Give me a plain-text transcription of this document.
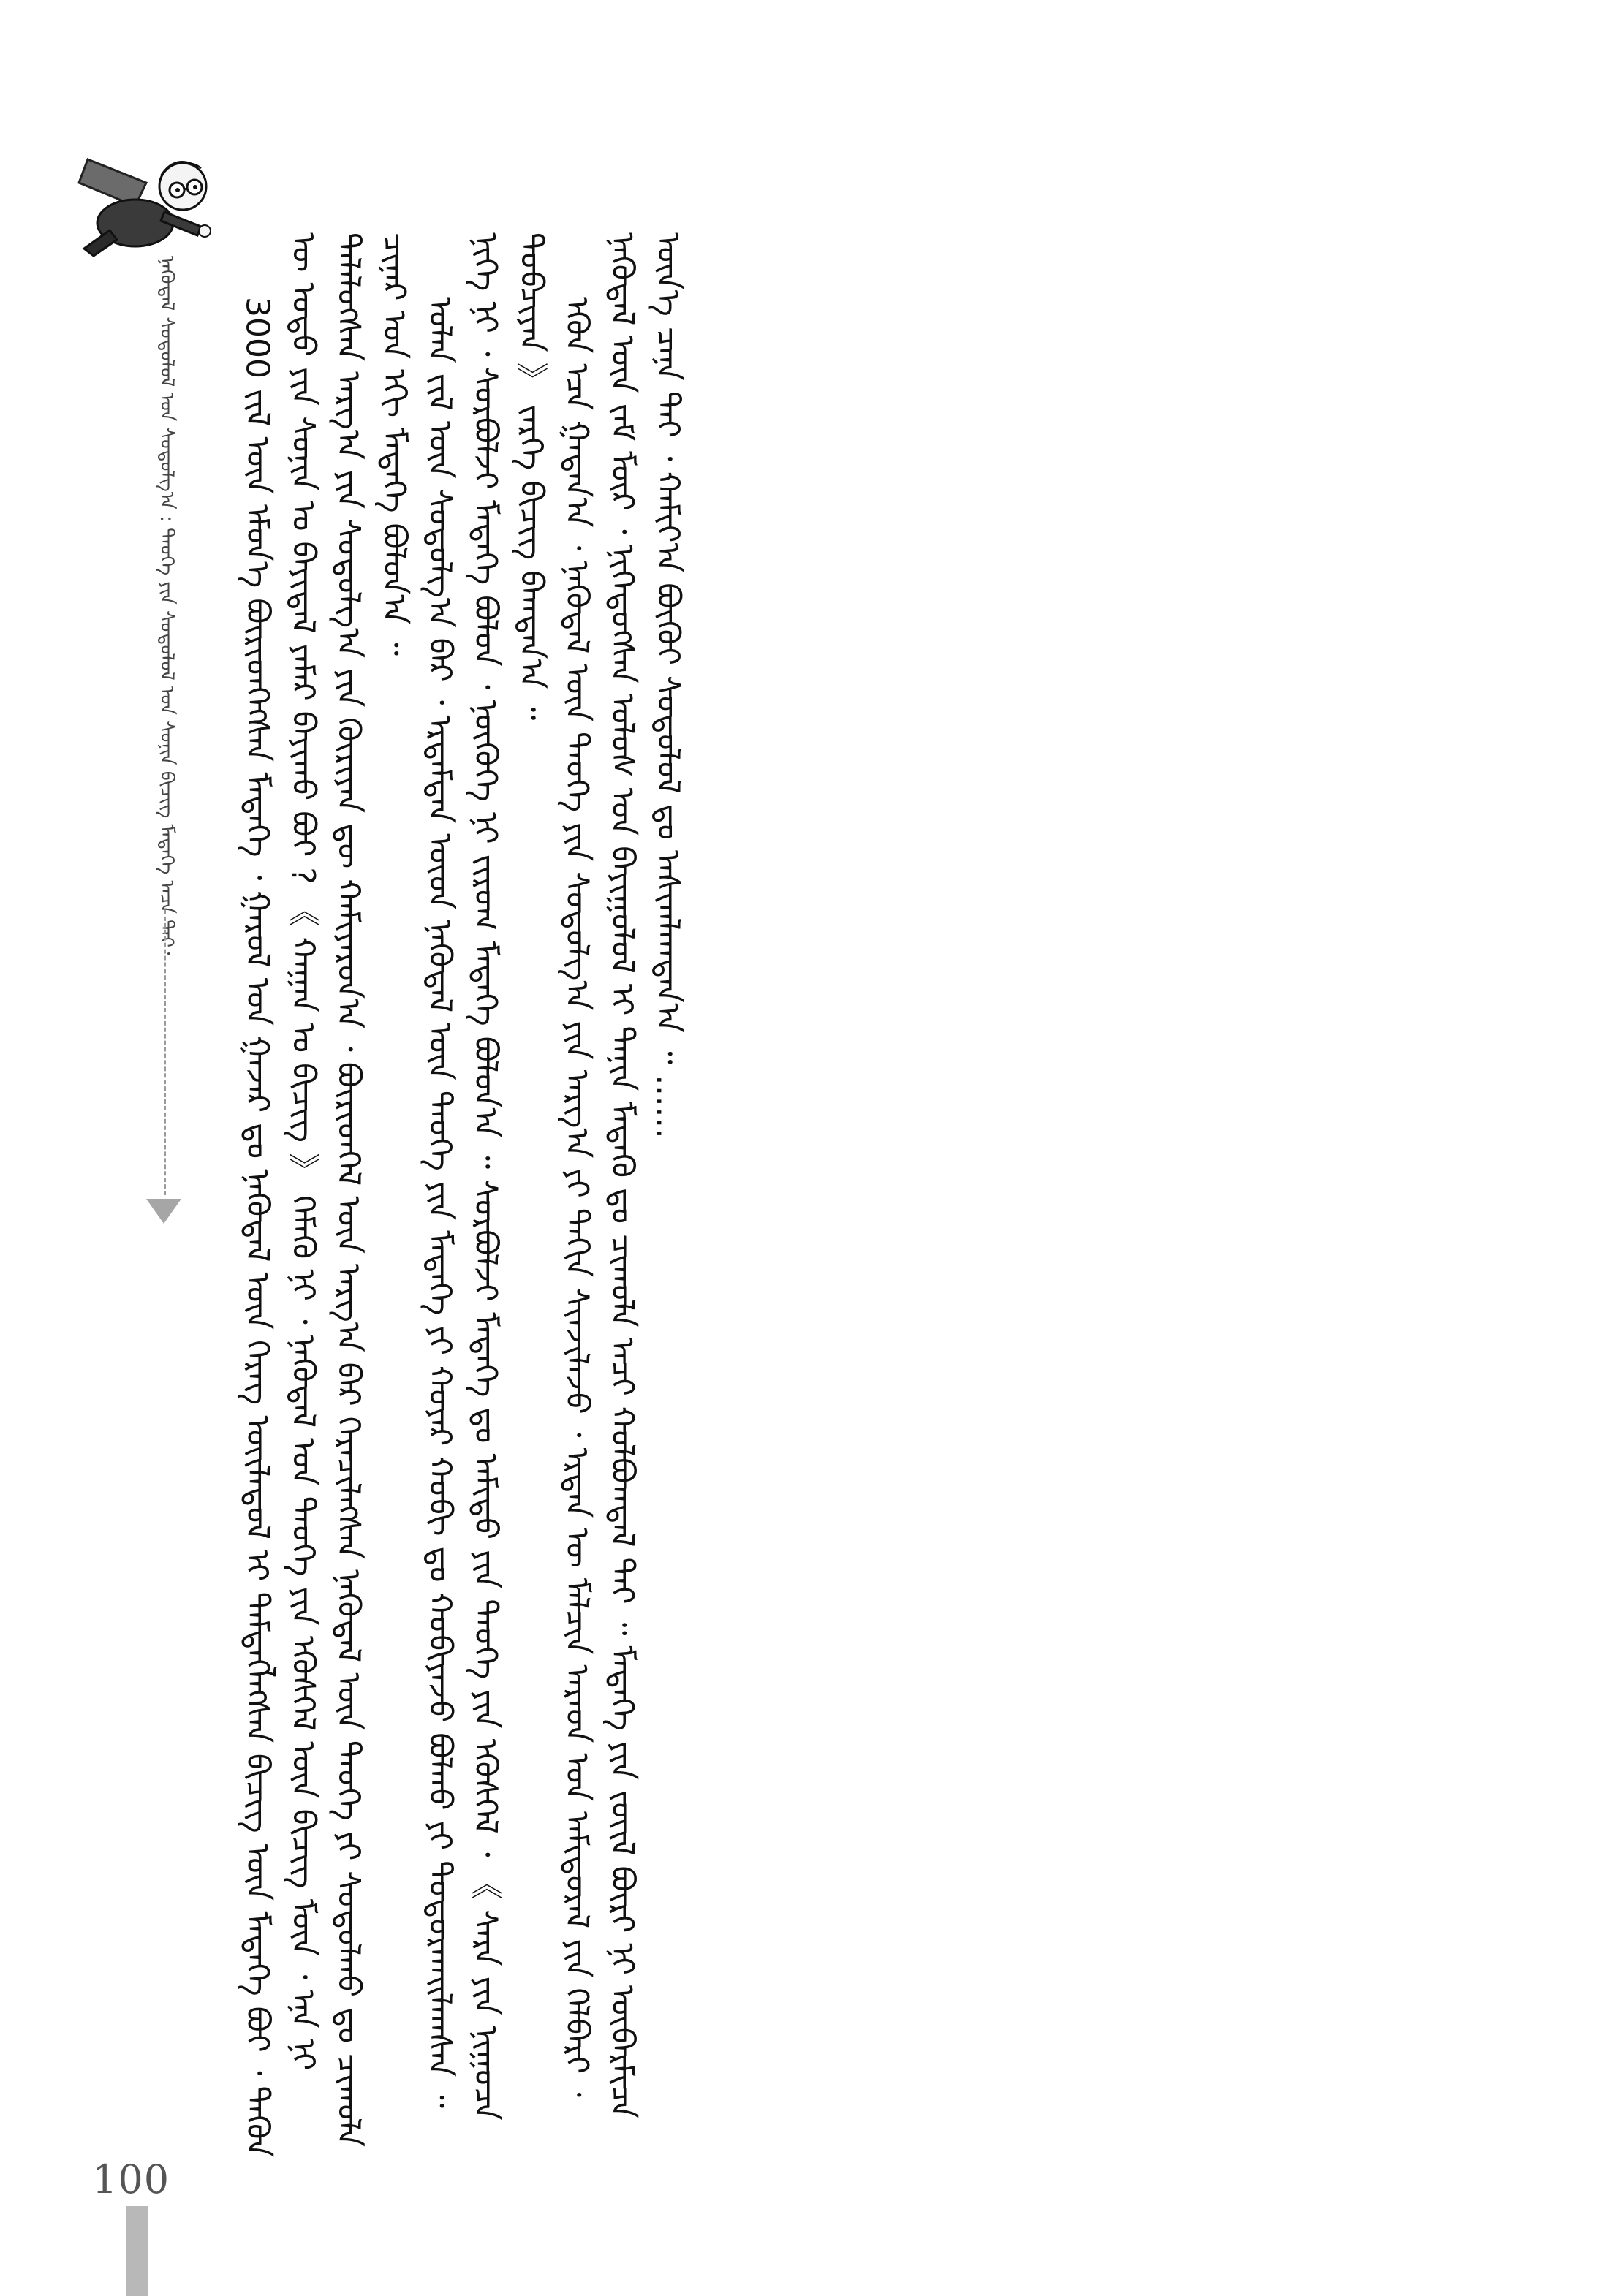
ᠨᠡᠭᠦᠳᠡᠯ ᠰᠤᠳᠤᠯᠤᠯ ᠤᠨ ᠰᠤᠳᠤᠯᠭ᠎ᠠ : ᠲᠡᠦᠬᠡ ᠶᠢᠨ ᠰᠤᠳᠤᠯᠤᠯ ᠤᠨ ᠰᠣᠨᠢᠨ ᠪᠢᠴᠢᠭ ᠮᠡᠳᠡᠭᠡ ᠠᠴᠠ ᠲᠠᠢ᠂ 3000 ᠵᠢᠯ ᠦᠨ ᠡᠮᠦᠨ᠎ᠡ ᠪᠦᠷᠢᠳᠬᠡᠭᠰᠡᠨ ᠮᠡᠳᠡᠭᠡ ᠂ ᠭᠠᠷᠤᠯ ᠤᠨ ᠭᠠᠵᠠᠷ ᠳᠤ ᠨᠡᠭᠦᠳᠡᠯ ᠦᠨ ᠬᠡᠷᠡᠭ ᠦᠢᠯᠡᠳᠦᠯ ᠢ ᠲᠡᠮᠳᠡᠭᠯᠡᠭᠰᠡᠨ ᠪᠢᠴᠢᠭ ᠦᠨ ᠮᠡᠳᠡᠭᠡ ᠪᠤᠢ ᠂ ᠲᠡᠭᠦᠨ ᠦ ᠣᠳᠤ ᠶᠢᠨ ᠰᠣᠨᠢᠨ ᠤ ᠪᠠᠶᠢᠳᠠᠯ ᠶᠠᠮᠠᠷ ᠪᠠᠶᠢᠬᠤ ᠪᠤᠢ ? 《 ᠬᠠᠭᠠᠨ ᠤ ᠪᠢᠴᠢᠭ 》 ᠬᠡᠮᠡᠬᠦ ᠨᠢ ᠂ ᠨᠡᠭᠦᠳᠡᠯ ᠤᠨ ᠲᠡᠦᠬᠡ ᠶᠢᠨ ᠡᠭᠦᠰᠬᠡᠯ ᠦᠨ ᠪᠢᠴᠢᠭ ᠮᠥᠨ ᠂ ᠡᠨᠡ ᠨᠢ ᠲᠡᠯᠡᠯᠦᠭᠰᠡᠨ ᠠᠷᠭ᠎ᠠ ᠶᠢᠨ ᠰᠤᠳᠤᠯᠭ᠎ᠠ ᠶᠢᠨ ᠬᠦᠷᠢᠶᠡᠨ ᠳᠦ ᠬᠠᠮᠢᠶᠠᠷᠤᠨ᠎ᠠ ᠂ ᠪᠦᠷᠢᠳᠬᠡᠯ ᠦᠨ ᠠᠷᠭ᠎ᠠ ᠪᠠᠷ ᠭᠡᠷᠡᠴᠢᠯᠡᠭᠰᠡᠨ ᠨᠡᠭᠦᠳᠡᠯ ᠦᠨ ᠲᠡᠦᠬᠡ ᠶᠢ ᠰᠤᠳᠤᠯᠬᠤ ᠳᠤ ᠴᠢᠬᠤᠯᠠ ᠴᠢᠨᠠᠷ ᠤᠨ ᠡᠬᠢ ᠮᠡᠳᠡᠭᠡ ᠪᠣᠯᠤᠨ᠎ᠠ ᠃ ᠣᠯᠠᠨ ᠵᠢᠯ ᠦᠨ ᠰᠤᠳᠤᠯᠭ᠎ᠠ ᠪᠠᠷ ᠂ ᠡᠷᠳᠡᠮᠲᠡᠨ ᠦᠳ ᠨᠡᠭᠦᠳᠡᠯ ᠦᠨ ᠲᠡᠦᠬᠡ ᠶᠢᠨ ᠮᠡᠳᠡᠭᠡ ᠶᠢ ᠬᠣᠶᠠᠷ ᠬᠤᠪᠢ ᠳᠤ ᠬᠤᠪᠢᠶᠠᠵᠤ ᠪᠣᠯᠬᠤ ᠶᠢ ᠲᠣᠳᠣᠷᠬᠠᠢᠯᠠᠭᠰᠠᠨ ᠃ ᠨᠢᠭᠡ ᠨᠢ ᠂ ᠰᠤᠷᠪᠤᠯᠵᠢ ᠮᠡᠳᠡᠭᠡ ᠪᠣᠯᠤᠨ ᠂ ᠨᠥᠭᠥᠭᠡ ᠨᠢ ᠵᠢᠷᠤᠭ ᠮᠡᠳᠡᠭᠡ ᠪᠣᠯᠤᠨ᠎ᠠ ᠃ ᠰᠤᠷᠪᠤᠯᠵᠢ ᠮᠡᠳᠡᠭᠡ ᠳᠤ ᠠᠮᠢᠳᠤ ᠶᠢᠨ ᠲᠡᠦᠬᠡ ᠶᠢᠨ ᠡᠭᠦᠰᠬᠡᠯ ᠂ 《 ᠰᠠᠷᠠ ᠶᠢᠨ ᠨᠢᠭᠤᠴᠠ ᠲᠣᠪᠴᠢᠶᠠᠨ 》 ᠵᠡᠷᠭᠡ ᠪᠢᠴᠢᠭ ᠪᠠᠭᠳᠠᠨ᠎ᠠ ᠃ ᠡᠭᠦᠨ ᠡᠴᠡ ᠭᠠᠳᠠᠨ᠎ᠠ ᠂ ᠨᠡᠭᠦᠳᠡᠯ ᠦᠨ ᠲᠡᠦᠬᠡ ᠶᠢᠨ ᠰᠤᠳᠤᠯᠭ᠎ᠠ ᠶᠢᠨ ᠠᠷᠭ᠎ᠠ ᠶᠢ ᠳᠠᠬᠢᠨ ᠰᠢᠨᠵᠢᠯᠡᠵᠦ ᠂ ᠡᠷᠲᠡᠨ ᠦ ᠮᠠᠯᠴᠢᠨ ᠠᠷᠠᠳ ᠤᠨ ᠠᠮᠢᠳᠤᠷᠠᠯ ᠶᠢᠨ ᠬᠡᠯᠪᠡᠷᠢ ᠂ ᠨᠡᠭᠦᠳᠡᠯ ᠦᠨ ᠵᠠᠮ ᠮᠥᠷ ᠂ ᠨᠢᠭᠡᠳᠦᠭᠰᠡᠨ ᠤᠯᠤᠰ ᠤᠨ ᠪᠠᠶᠢᠭᠤᠯᠤᠯ ᠢ ᠲᠠᠨᠢᠨ ᠮᠡᠳᠡᠬᠦ ᠳᠤ ᠴᠢᠬᠤᠯᠠ ᠠᠴᠢ ᠬᠣᠯᠪᠣᠭᠳᠠᠯ ᠲᠠᠢ ᠃ ᠮᠡᠳᠡᠭᠡ ᠶᠢᠨ ᠵᠦᠢᠯ ᠪᠦᠷᠢ ᠨᠢ ᠥᠪᠡᠷᠮᠢᠴᠡ ᠦᠨ᠎ᠡ ᠴᠡᠨᠡ ᠲᠠᠢ ᠂ ᠬᠠᠮᠢᠶ᠎ᠠ ᠪᠦᠬᠦᠢ ᠰᠤᠳᠤᠯᠤᠯ ᠳᠤ ᠠᠰᠢᠭᠯᠠᠭᠳᠠᠨ᠎ᠠ ᠃ ……

100
